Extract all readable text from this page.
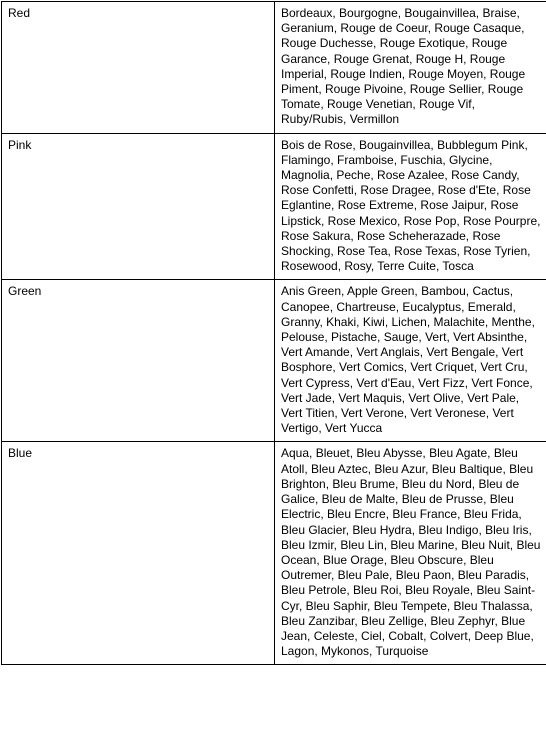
Red	Bordeaux, Bourgogne, Bougainvillea, Braise, Geranium, Rouge de Coeur, Rouge Casaque, Rouge Duchesse, Rouge Exotique, Rouge Garance, Rouge Grenat, Rouge H, Rouge Imperial, Rouge Indien, Rouge Moyen, Rouge Piment, Rouge Pivoine, Rouge Sellier, Rouge Tomate, Rouge Venetian, Rouge Vif, Ruby/Rubis, Vermillon
Pink	Bois de Rose, Bougainvillea, Bubblegum Pink, Flamingo, Framboise, Fuschia, Glycine, Magnolia, Peche, Rose Azalee, Rose Candy, Rose Confetti, Rose Dragee, Rose d'Ete, Rose Eglantine, Rose Extreme, Rose Jaipur, Rose Lipstick, Rose Mexico, Rose Pop, Rose Pourpre, Rose Sakura, Rose Scheherazade, Rose Shocking, Rose Tea, Rose Texas, Rose Tyrien, Rosewood, Rosy, Terre Cuite, Tosca
Green	Anis Green, Apple Green, Bambou, Cactus, Canopee, Chartreuse, Eucalyptus, Emerald, Granny, Khaki, Kiwi, Lichen, Malachite, Menthe, Pelouse, Pistache, Sauge, Vert, Vert Absinthe, Vert Amande, Vert Anglais, Vert Bengale, Vert Bosphore, Vert Comics, Vert Criquet, Vert Cru, Vert Cypress, Vert d'Eau, Vert Fizz, Vert Fonce, Vert Jade, Vert Maquis, Vert Olive, Vert Pale, Vert Titien, Vert Verone, Vert Veronese, Vert Vertigo, Vert Yucca
Blue	Aqua, Bleuet, Bleu Abysse, Bleu Agate, Bleu Atoll, Bleu Aztec, Bleu Azur, Bleu Baltique, Bleu Brighton, Bleu Brume, Bleu du Nord, Bleu de Galice, Bleu de Malte, Bleu de Prusse, Bleu Electric, Bleu Encre, Bleu France, Bleu Frida, Bleu Glacier, Bleu Hydra, Bleu Indigo, Bleu Iris, Bleu Izmir, Bleu Lin, Bleu Marine, Bleu Nuit, Bleu Ocean, Blue Orage, Bleu Obscure, Bleu Outremer, Bleu Pale, Bleu Paon, Bleu Paradis, Bleu Petrole, Bleu Roi, Bleu Royale, Bleu Saint-Cyr, Bleu Saphir, Bleu Tempete, Bleu Thalassa, Bleu Zanzibar, Bleu Zellige, Bleu Zephyr, Blue Jean, Celeste, Ciel, Cobalt, Colvert, Deep Blue, Lagon, Mykonos, Turquoise
